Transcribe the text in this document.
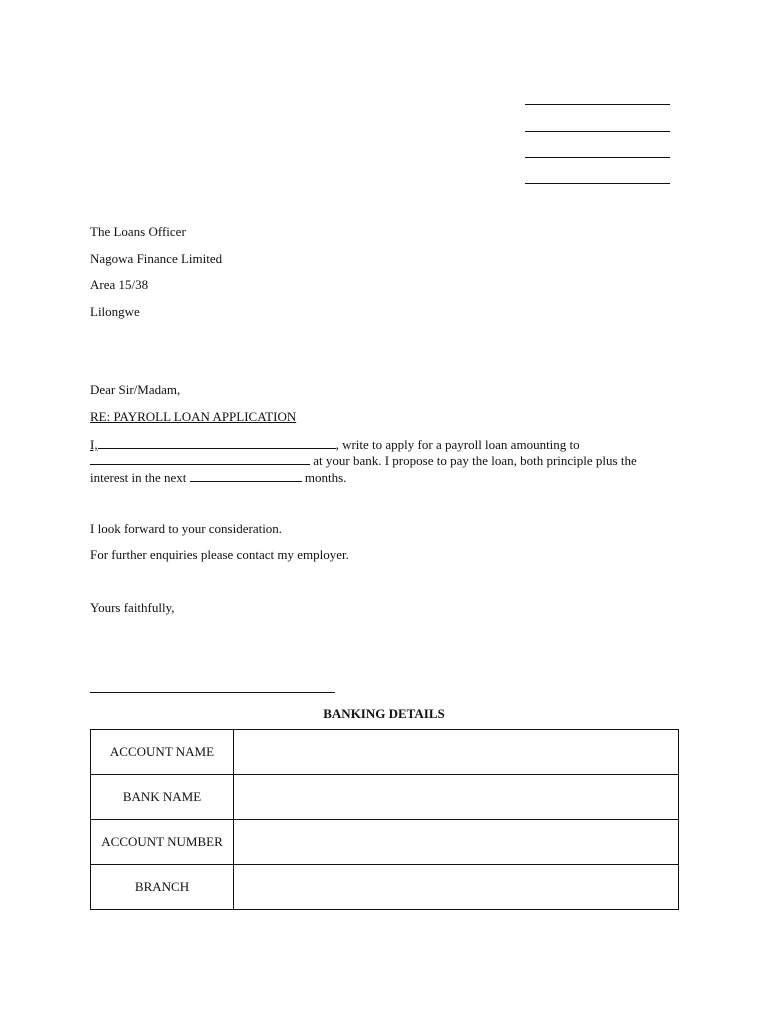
The Loans Officer
Nagowa Finance Limited
Area 15/38
Lilongwe
Dear Sir/Madam,
RE: PAYROLL LOAN APPLICATION
I,	, write to apply for a payroll loan amounting to
at your bank. I propose to pay the loan, both principle plus the
interest in the next	months.
I look forward to your consideration.
For further enquiries please contact my employer.
Yours faithfully,
BANKING DETAILS
ACCOUNT NAME	
BANK NAME	
ACCOUNT NUMBER	
BRANCH	
